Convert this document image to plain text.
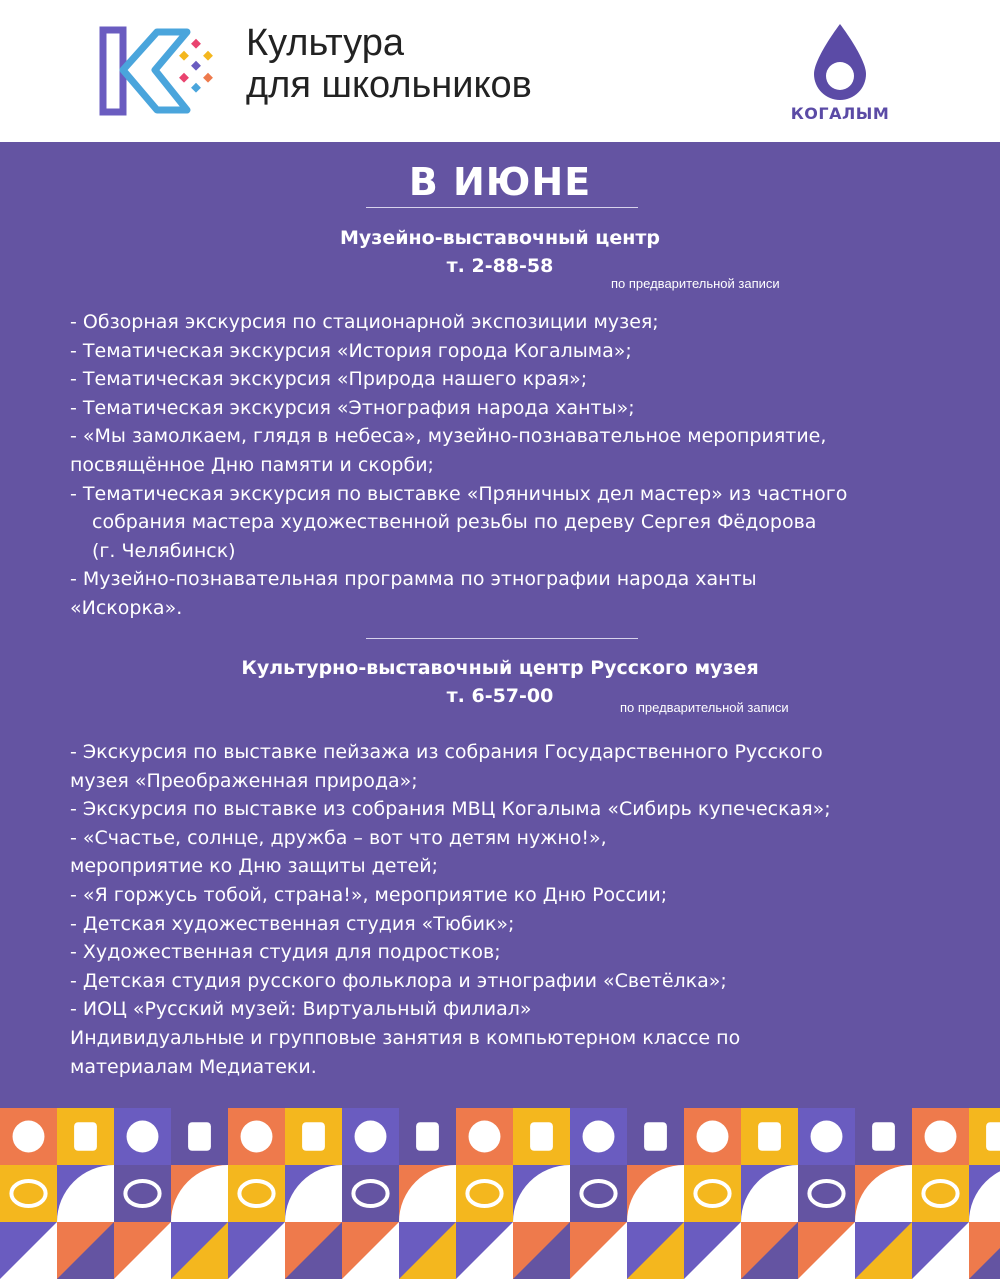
Культура
для школьников
КОГАЛЫМ
В ИЮНЕ
Музейно-выставочный центр
т. 2-88-58
по предварительной записи
- Обзорная экскурсия по стационарной экспозиции музея;
- Тематическая экскурсия «История города Когалыма»;
- Тематическая экскурсия «Природа нашего края»;
- Тематическая экскурсия «Этнография народа ханты»;
- «Мы замолкаем, глядя в небеса», музейно-познавательное мероприятие,
посвящённое Дню памяти и скорби;
- Тематическая экскурсия по выставке «Пряничных дел мастер» из частного
собрания мастера художественной резьбы по дереву Сергея Фёдорова
(г. Челябинск)
- Музейно-познавательная программа по этнографии народа ханты
«Искорка».
Культурно-выставочный центр Русского музея
т. 6-57-00
по предварительной записи
- Экскурсия по выставке пейзажа из собрания Государственного Русского
музея «Преображенная природа»;
- Экскурсия по выставке из собрания МВЦ Когалыма «Сибирь купеческая»;
- «Счастье, солнце, дружба – вот что детям нужно!»,
мероприятие ко Дню защиты детей;
- «Я горжусь тобой, страна!», мероприятие ко Дню России;
- Детская художественная студия «Тюбик»;
- Художественная студия для подростков;
- Детская студия русского фольклора и этнографии «Светёлка»;
- ИОЦ «Русский музей: Виртуальный филиал»
Индивидуальные и групповые занятия в компьютерном классе по
материалам Медиатеки.
